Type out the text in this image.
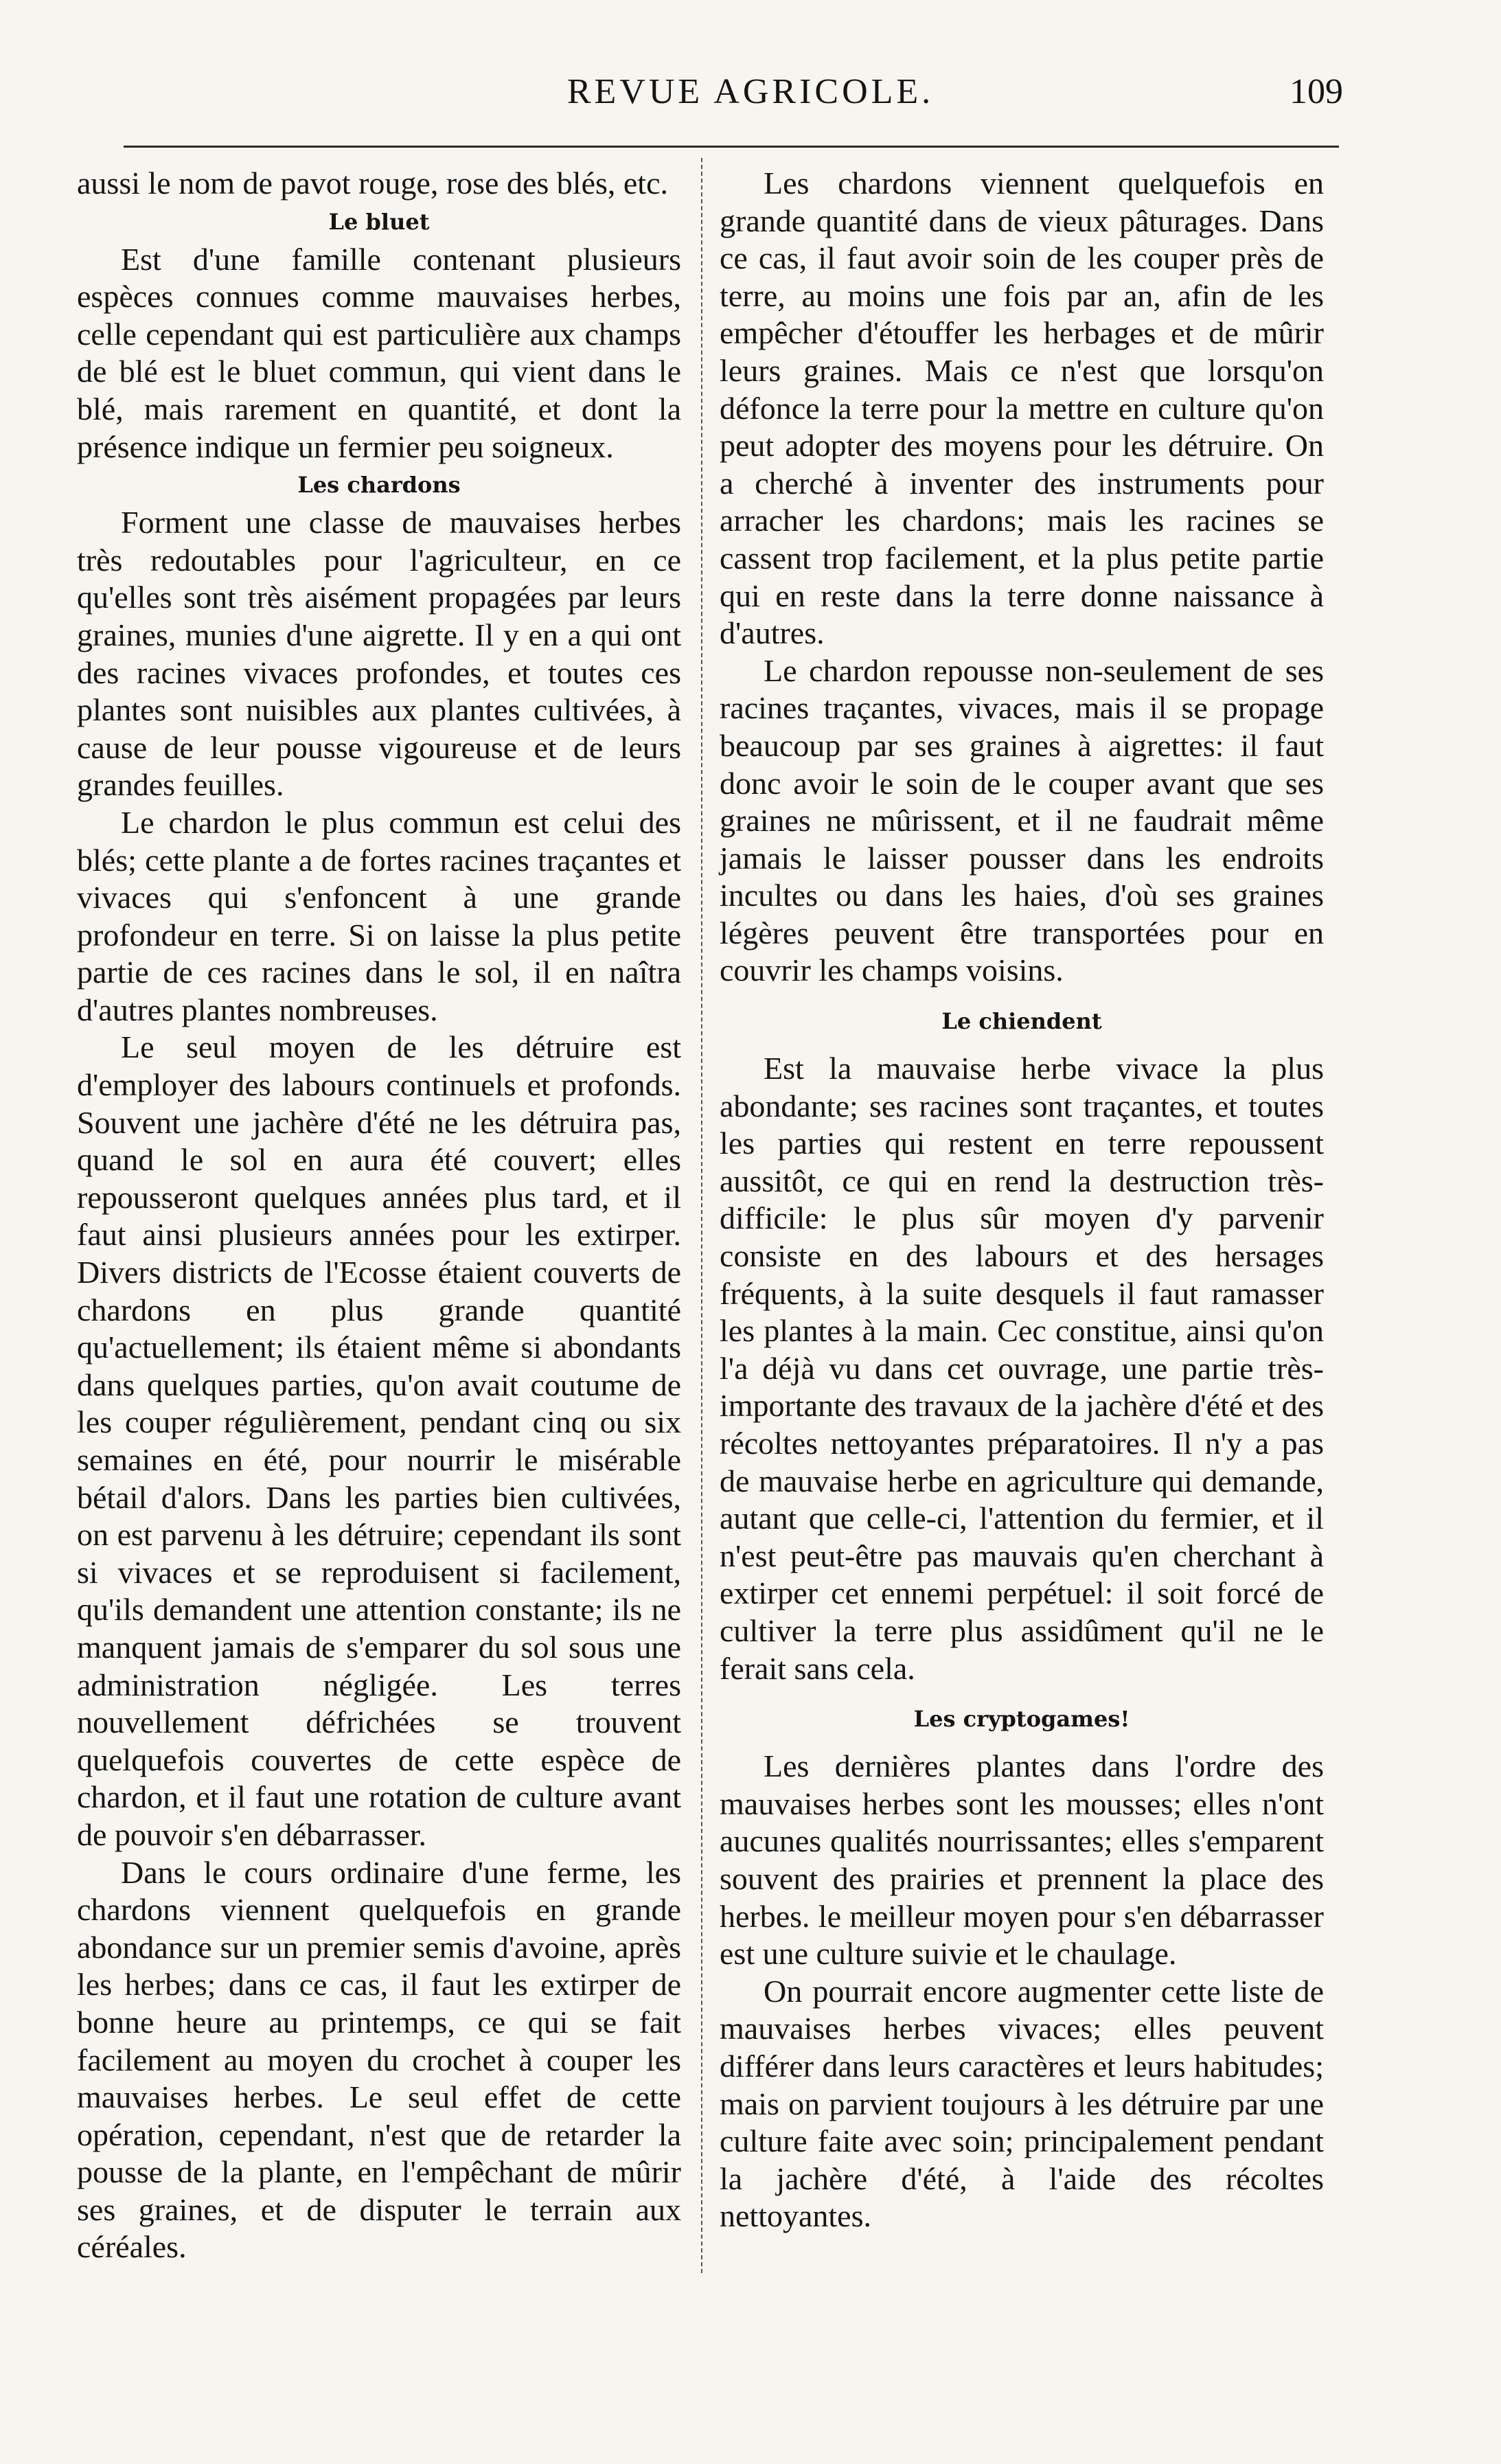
REVUE AGRICOLE.	109

aussi le nom de pavot rouge, rose des blés, etc.

Le bluet

Est d'une famille contenant plusieurs espèces connues comme mauvaises herbes, celle cependant qui est particulière aux champs de blé est le bluet commun, qui vient dans le blé, mais rarement en quantité, et dont la présence indique un fermier peu soigneux.

Les chardons

Forment une classe de mauvaises herbes très redoutables pour l'agriculteur, en ce qu'elles sont très aisément propagées par leurs graines, munies d'une aigrette. Il y en a qui ont des racines vivaces profondes, et toutes ces plantes sont nuisibles aux plantes cultivées, à cause de leur pousse vigoureuse et de leurs grandes feuilles.

Le chardon le plus commun est celui des blés; cette plante a de fortes racines traçantes et vivaces qui s'enfoncent à une grande profondeur en terre. Si on laisse la plus petite partie de ces racines dans le sol, il en naîtra d'autres plantes nombreuses.

Le seul moyen de les détruire est d'employer des labours continuels et profonds. Souvent une jachère d'été ne les détruira pas, quand le sol en aura été couvert; elles repousseront quelques années plus tard, et il faut ainsi plusieurs années pour les extirper. Divers districts de l'Ecosse étaient couverts de chardons en plus grande quantité qu'actuellement; ils étaient même si abondants dans quelques parties, qu'on avait coutume de les couper régulièrement, pendant cinq ou six semaines en été, pour nourrir le misérable bétail d'alors. Dans les parties bien cultivées, on est parvenu à les détruire; cependant ils sont si vivaces et se reproduisent si facilement, qu'ils demandent une attention constante; ils ne manquent jamais de s'emparer du sol sous une administration négligée. Les terres nouvellement défrichées se trouvent quelquefois couvertes de cette espèce de chardon, et il faut une rotation de culture avant de pouvoir s'en débarrasser.

Dans le cours ordinaire d'une ferme, les chardons viennent quelquefois en grande abondance sur un premier semis d'avoine, après les herbes; dans ce cas, il faut les extirper de bonne heure au printemps, ce qui se fait facilement au moyen du crochet à couper les mauvaises herbes. Le seul effet de cette opération, cependant, n'est que de retarder la pousse de la plante, en l'empêchant de mûrir ses graines, et de disputer le terrain aux céréales.

Les chardons viennent quelquefois en grande quantité dans de vieux pâturages. Dans ce cas, il faut avoir soin de les couper près de terre, au moins une fois par an, afin de les empêcher d'étouffer les herbages et de mûrir leurs graines. Mais ce n'est que lorsqu'on défonce la terre pour la mettre en culture qu'on peut adopter des moyens pour les détruire. On a cherché à inventer des instruments pour arracher les chardons; mais les racines se cassent trop facilement, et la plus petite partie qui en reste dans la terre donne naissance à d'autres.

Le chardon repousse non-seulement de ses racines traçantes, vivaces, mais il se propage beaucoup par ses graines à aigrettes: il faut donc avoir le soin de le couper avant que ses graines ne mûrissent, et il ne faudrait même jamais le laisser pousser dans les endroits incultes ou dans les haies, d'où ses graines légères peuvent être transportées pour en couvrir les champs voisins.

Le chiendent

Est la mauvaise herbe vivace la plus abondante; ses racines sont traçantes, et toutes les parties qui restent en terre repoussent aussitôt, ce qui en rend la destruction très-difficile: le plus sûr moyen d'y parvenir consiste en des labours et des hersages fréquents, à la suite desquels il faut ramasser les plantes à la main. Cec constitue, ainsi qu'on l'a déjà vu dans cet ouvrage, une partie très-importante des travaux de la jachère d'été et des récoltes nettoyantes préparatoires. Il n'y a pas de mauvaise herbe en agriculture qui demande, autant que celle-ci, l'attention du fermier, et il n'est peut-être pas mauvais qu'en cherchant à extirper cet ennemi perpétuel: il soit forcé de cultiver la terre plus assidûment qu'il ne le ferait sans cela.

Les cryptogames!

Les dernières plantes dans l'ordre des mauvaises herbes sont les mousses; elles n'ont aucunes qualités nourrissantes; elles s'emparent souvent des prairies et prennent la place des herbes. le meilleur moyen pour s'en débarrasser est une culture suivie et le chaulage.

On pourrait encore augmenter cette liste de mauvaises herbes vivaces; elles peuvent différer dans leurs caractères et leurs habitudes; mais on parvient toujours à les détruire par une culture faite avec soin; principalement pendant la jachère d'été, à l'aide des récoltes nettoyantes.
